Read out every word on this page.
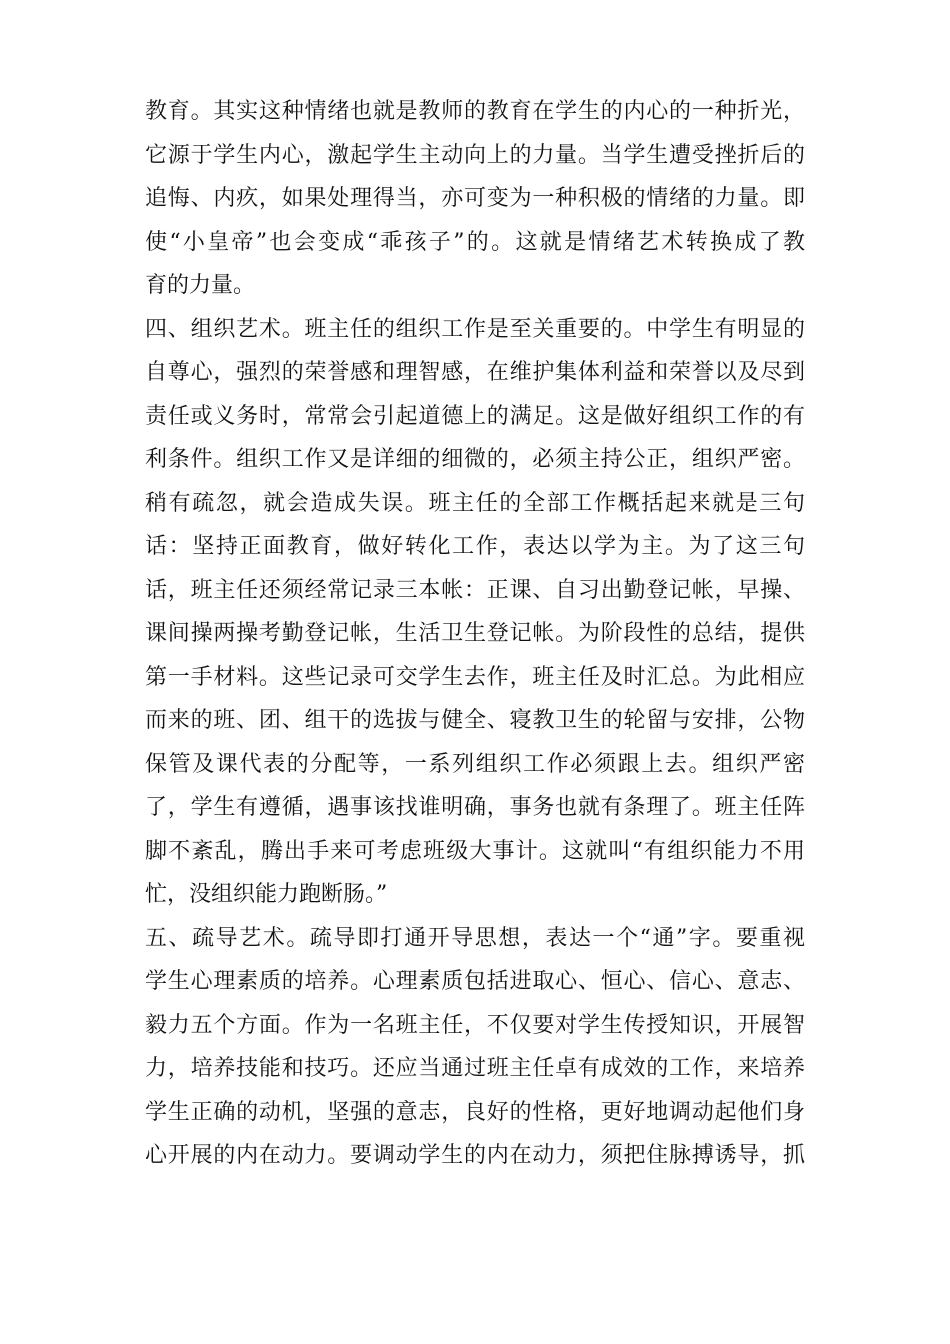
教育。其实这种情绪也就是教师的教育在学生的内心的一种折光，
它源于学生内心，激起学生主动向上的力量。当学生遭受挫折后的
追悔、内疚，如果处理得当，亦可变为一种积极的情绪的力量。即
使“小皇帝”也会变成“乖孩子”的。这就是情绪艺术转换成了教
育的力量。
四、组织艺术。班主任的组织工作是至关重要的。中学生有明显的
自尊心，强烈的荣誉感和理智感，在维护集体利益和荣誉以及尽到
责任或义务时，常常会引起道德上的满足。这是做好组织工作的有
利条件。组织工作又是详细的细微的，必须主持公正，组织严密。
稍有疏忽，就会造成失误。班主任的全部工作概括起来就是三句
话：坚持正面教育，做好转化工作，表达以学为主。为了这三句
话，班主任还须经常记录三本帐：正课、自习出勤登记帐，早操、
课间操两操考勤登记帐，生活卫生登记帐。为阶段性的总结，提供
第一手材料。这些记录可交学生去作，班主任及时汇总。为此相应
而来的班、团、组干的选拔与健全、寝教卫生的轮留与安排，公物
保管及课代表的分配等，一系列组织工作必须跟上去。组织严密
了，学生有遵循，遇事该找谁明确，事务也就有条理了。班主任阵
脚不紊乱，腾出手来可考虑班级大事计。这就叫“有组织能力不用
忙，没组织能力跑断肠。”
五、疏导艺术。疏导即打通开导思想，表达一个“通”字。要重视
学生心理素质的培养。心理素质包括进取心、恒心、信心、意志、
毅力五个方面。作为一名班主任，不仅要对学生传授知识，开展智
力，培养技能和技巧。还应当通过班主任卓有成效的工作，来培养
学生正确的动机，坚强的意志，良好的性格，更好地调动起他们身
心开展的内在动力。要调动学生的内在动力，须把住脉搏诱导，抓
